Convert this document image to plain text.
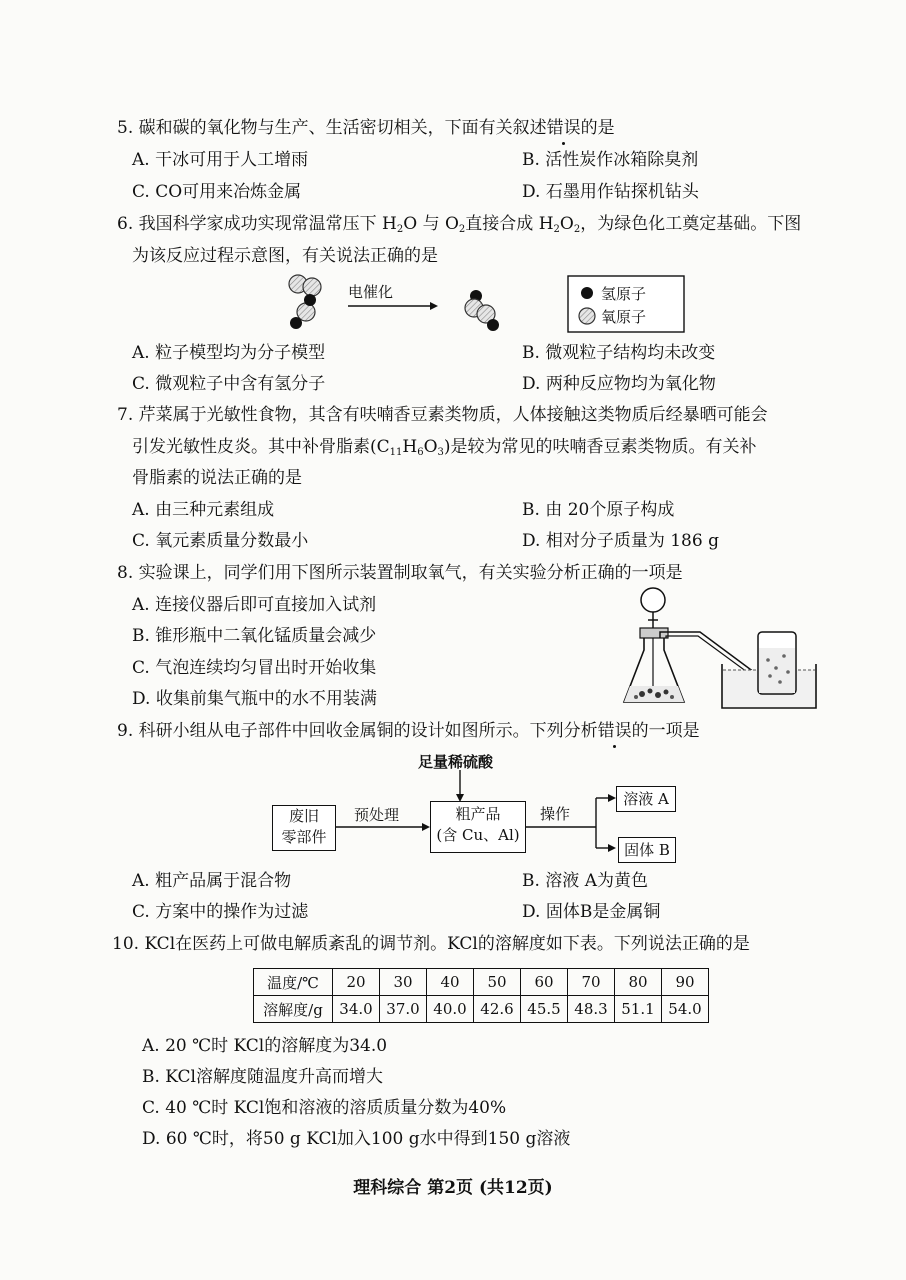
5. 碳和碳的氧化物与生产、生活密切相关，下面有关叙述错误的是
A. 干冰可用于人工增雨	B. 活性炭作冰箱除臭剂
C. CO可用来冶炼金属	D. 石墨用作钻探机钻头
6. 我国科学家成功实现常温常压下 $H_2O$ 与 $O_2$直接合成 $H_2O_2$，为绿色化工奠定基础。下图
为该反应过程示意图，有关说法正确的是
电催化	氢原子
氧原子
A. 粒子模型均为分子模型	B. 微观粒子结构均未改变
C. 微观粒子中含有氢分子	D. 两种反应物均为氧化物
7. 芹菜属于光敏性食物，其含有呋喃香豆素类物质，人体接触这类物质后经暴晒可能会
引发光敏性皮炎。其中补骨脂素$(C_{11}H_6O_3)$是较为常见的呋喃香豆素类物质。有关补
骨脂素的说法正确的是
A. 由三种元素组成	B. 由 20个原子构成
C. 氧元素质量分数最小	D. 相对分子质量为 186 g
8. 实验课上，同学们用下图所示装置制取氧气，有关实验分析正确的一项是
A. 连接仪器后即可直接加入试剂
B. 锥形瓶中二氧化锰质量会减少
C. 气泡连续均匀冒出时开始收集
D. 收集前集气瓶中的水不用装满
9. 科研小组从电子部件中回收金属铜的设计如图所示。下列分析错误的一项是
足量稀硫酸
废旧
零部件
预处理	粗产品
(含 Cu、Al)
操作
溶液 A
固体 B
A. 粗产品属于混合物	B. 溶液 A为黄色
C. 方案中的操作为过滤	D. 固体B是金属铜
10. KCl在医药上可做电解质紊乱的调节剂。KCl的溶解度如下表。下列说法正确的是
温度/℃	20	30	40	50	60	70	80	90
溶解度/g	34.0	37.0	40.0	42.6	45.5	48.3	51.1	54.0
A. 20 ℃时 KCl的溶解度为34.0
B. KCl溶解度随温度升高而增大
C. 40 ℃时 KCl饱和溶液的溶质质量分数为40%
D. 60 ℃时，将50 g KCl加入100 g水中得到150 g溶液
理科综合 第2页 (共12页)
